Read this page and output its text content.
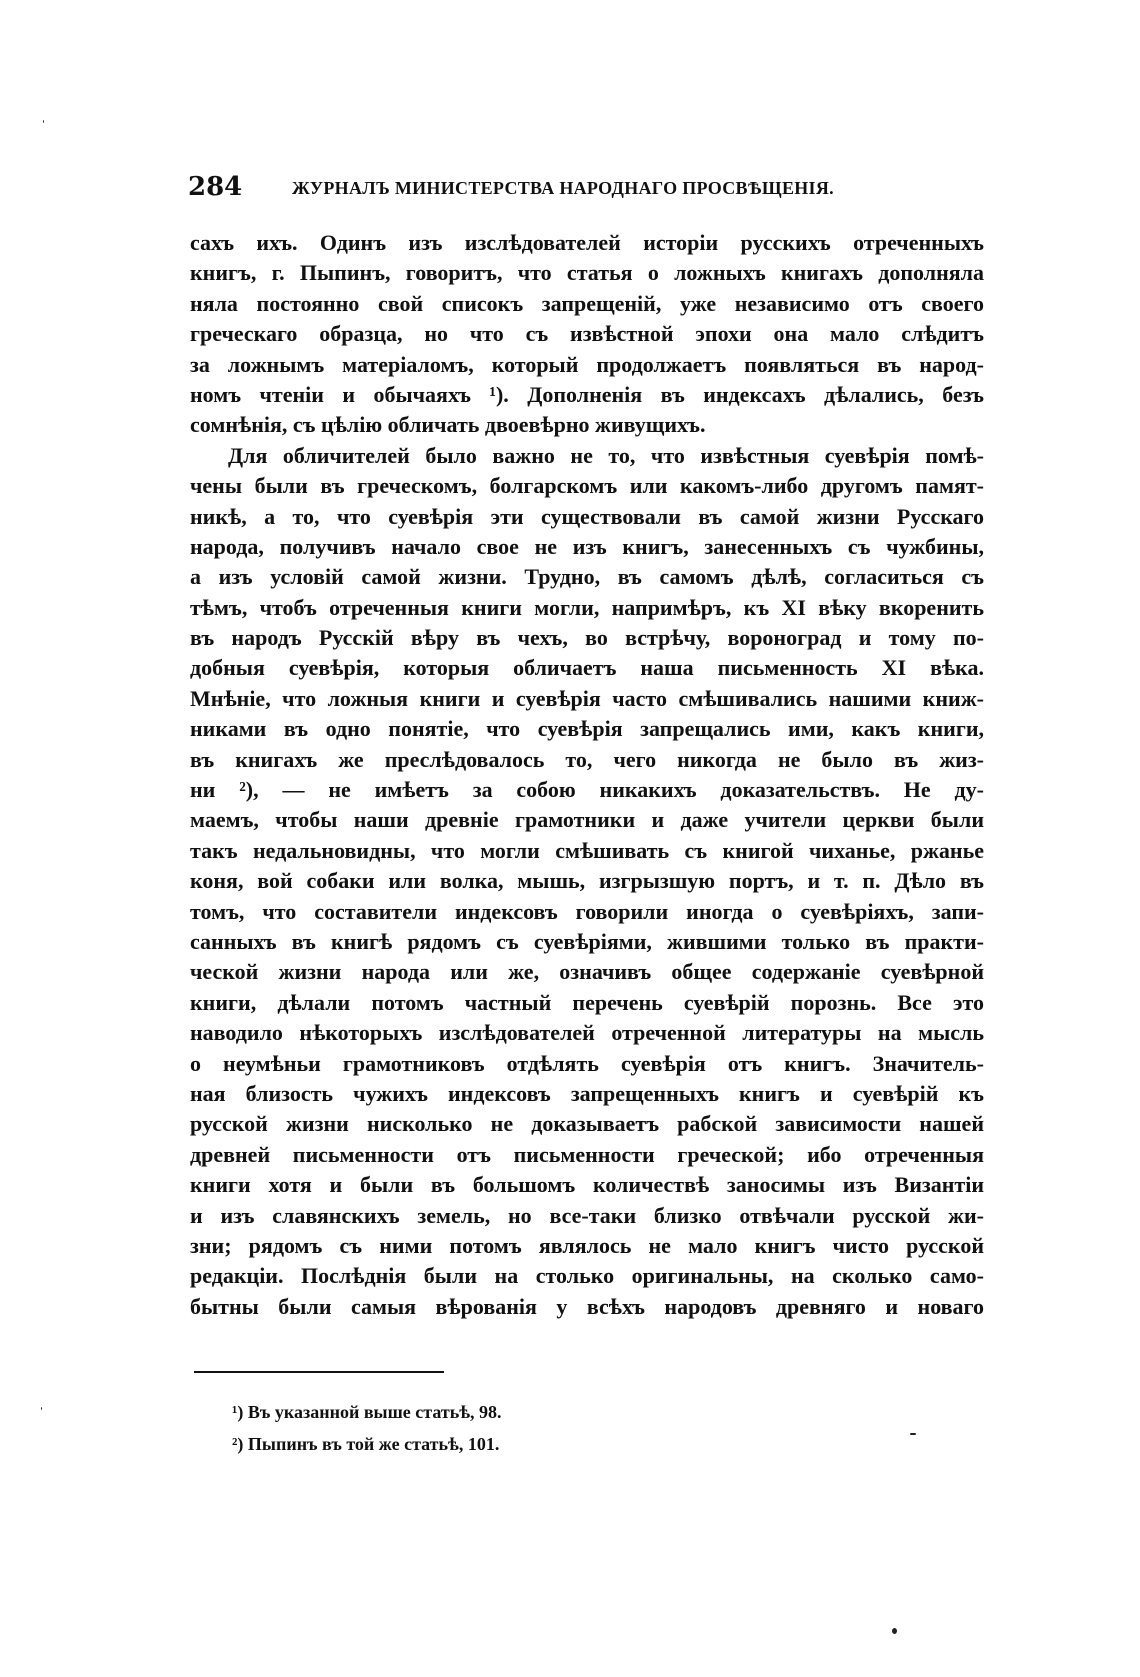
284	ЖУРНАЛЪ МИНИСТЕРСТВА НАРОДНАГО ПРОСВѢЩЕНІЯ.
сахъ ихъ. Одинъ изъ изслѣдователей исторіи русскихъ отреченныхъ
книгъ, г. Пыпинъ, говоритъ, что статья о ложныхъ книгахъ дополняла
няла постоянно свой списокъ запрещеній, уже независимо отъ своего
греческаго образца, но что съ извѣстной эпохи она мало слѣдитъ
за ложнымъ матеріаломъ, который продолжаетъ появляться въ народ-
номъ чтеніи и обычаяхъ ¹). Дополненія въ индексахъ дѣлались, безъ
сомнѣнія, съ цѣлію обличать двоевѣрно живущихъ.
Для обличителей было важно не то, что извѣстныя суевѣрія помѣ-
чены были въ греческомъ, болгарскомъ или какомъ-либо другомъ памят-
никѣ, а то, что суевѣрія эти существовали въ самой жизни Русскаго
народа, получивъ начало свое не изъ книгъ, занесенныхъ съ чужбины,
а изъ условій самой жизни. Трудно, въ самомъ дѣлѣ, согласиться съ
тѣмъ, чтобъ отреченныя книги могли, напримѣръ, къ XI вѣку вкоренить
въ народъ Русскій вѣру въ чехъ, во встрѣчу, вороноград и тому по-
добныя суевѣрія, которыя обличаетъ наша письменность XI вѣка.
Мнѣніе, что ложныя книги и суевѣрія часто смѣшивались нашими книж-
никами въ одно понятіе, что суевѣрія запрещались ими, какъ книги,
въ книгахъ же преслѣдовалось то, чего никогда не было въ жиз-
ни ²), — не имѣетъ за собою никакихъ доказательствъ. Не ду-
маемъ, чтобы наши древніе грамотники и даже учители церкви были
такъ недальновидны, что могли смѣшивать съ книгой чиханье, ржанье
коня, вой собаки или волка, мышь, изгрызшую портъ, и т. п. Дѣло въ
томъ, что составители индексовъ говорили иногда о суевѣріяхъ, запи-
санныхъ въ книгѣ рядомъ съ суевѣріями, жившими только въ практи-
ческой жизни народа или же, означивъ общее содержаніе суевѣрной
книги, дѣлали потомъ частный перечень суевѣрій порознь. Все это
наводило нѣкоторыхъ изслѣдователей отреченной литературы на мысль
о неумѣньи грамотниковъ отдѣлять суевѣрія отъ книгъ. Значитель-
ная близость чужихъ индексовъ запрещенныхъ книгъ и суевѣрій къ
русской жизни нисколько не доказываетъ рабской зависимости нашей
древней письменности отъ письменности греческой; ибо отреченныя
книги хотя и были въ большомъ количествѣ заносимы изъ Византіи
и изъ славянскихъ земель, но все-таки близко отвѣчали русской жи-
зни; рядомъ съ ними потомъ являлось не мало книгъ чисто русской
редакціи. Послѣднія были на столько оригинальны, на сколько само-
бытны были самыя вѣрованія у всѣхъ народовъ древняго и новаго
¹) Въ указанной выше статьѣ, 98.
²) Пыпинъ въ той же статьѣ, 101.
